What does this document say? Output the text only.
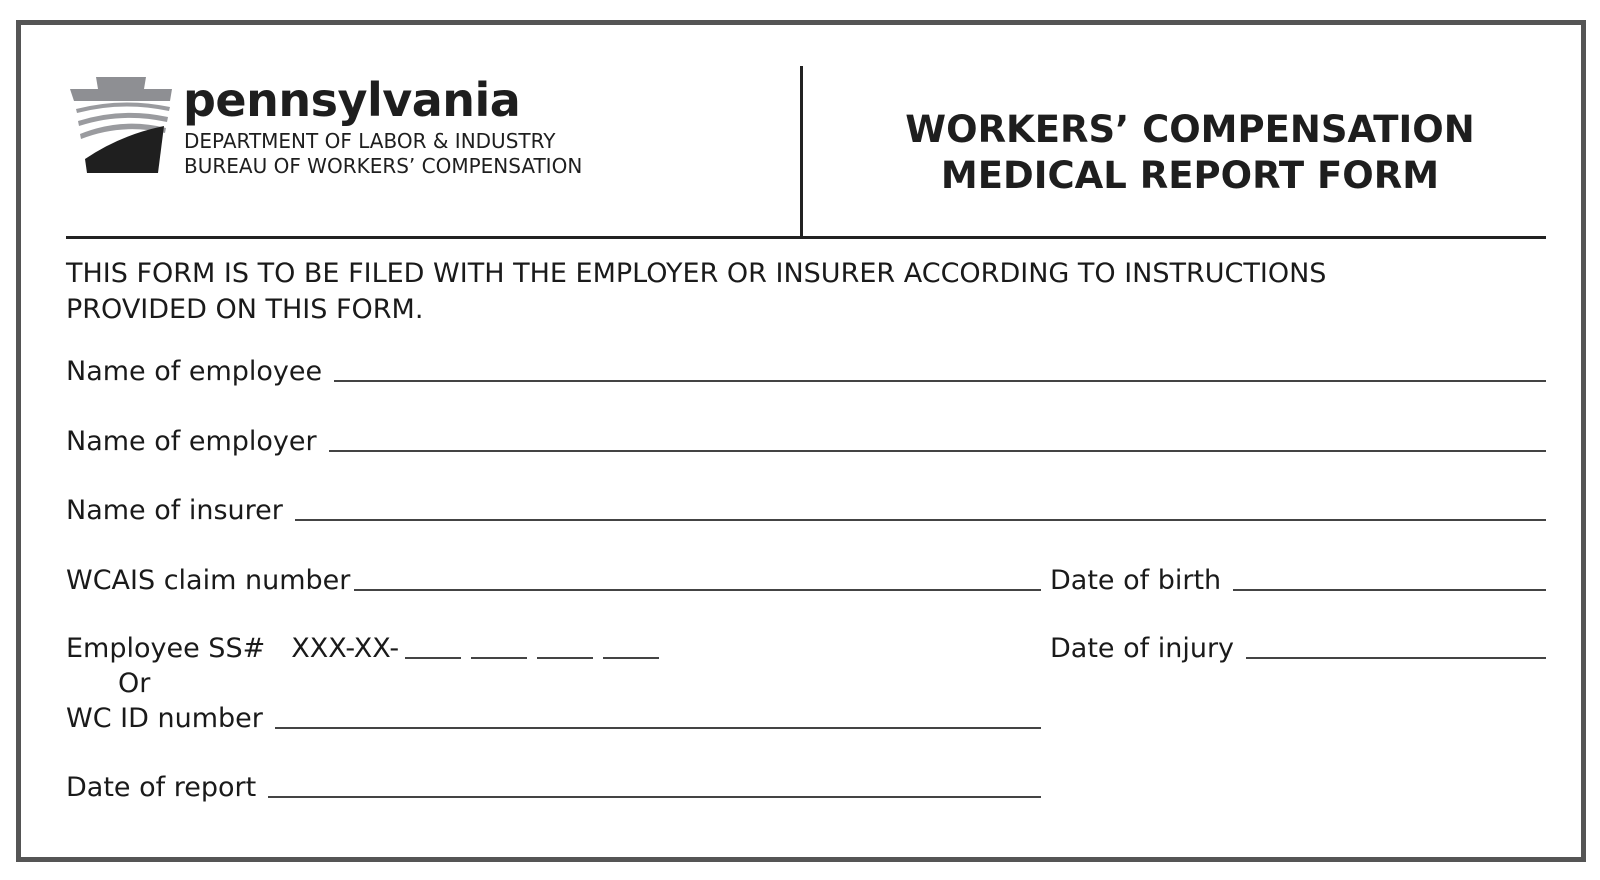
pennsylvania
DEPARTMENT OF LABOR & INDUSTRY
BUREAU OF WORKERS’ COMPENSATION
WORKERS’ COMPENSATION
MEDICAL REPORT FORM
THIS FORM IS TO BE FILED WITH THE EMPLOYER OR INSURER ACCORDING TO INSTRUCTIONS
PROVIDED ON THIS FORM.
Name of employee
Name of employer
Name of insurer
WCAIS claim number	Date of birth
Employee SS# XXX-XX-	Date of injury
Or
WC ID number
Date of report
